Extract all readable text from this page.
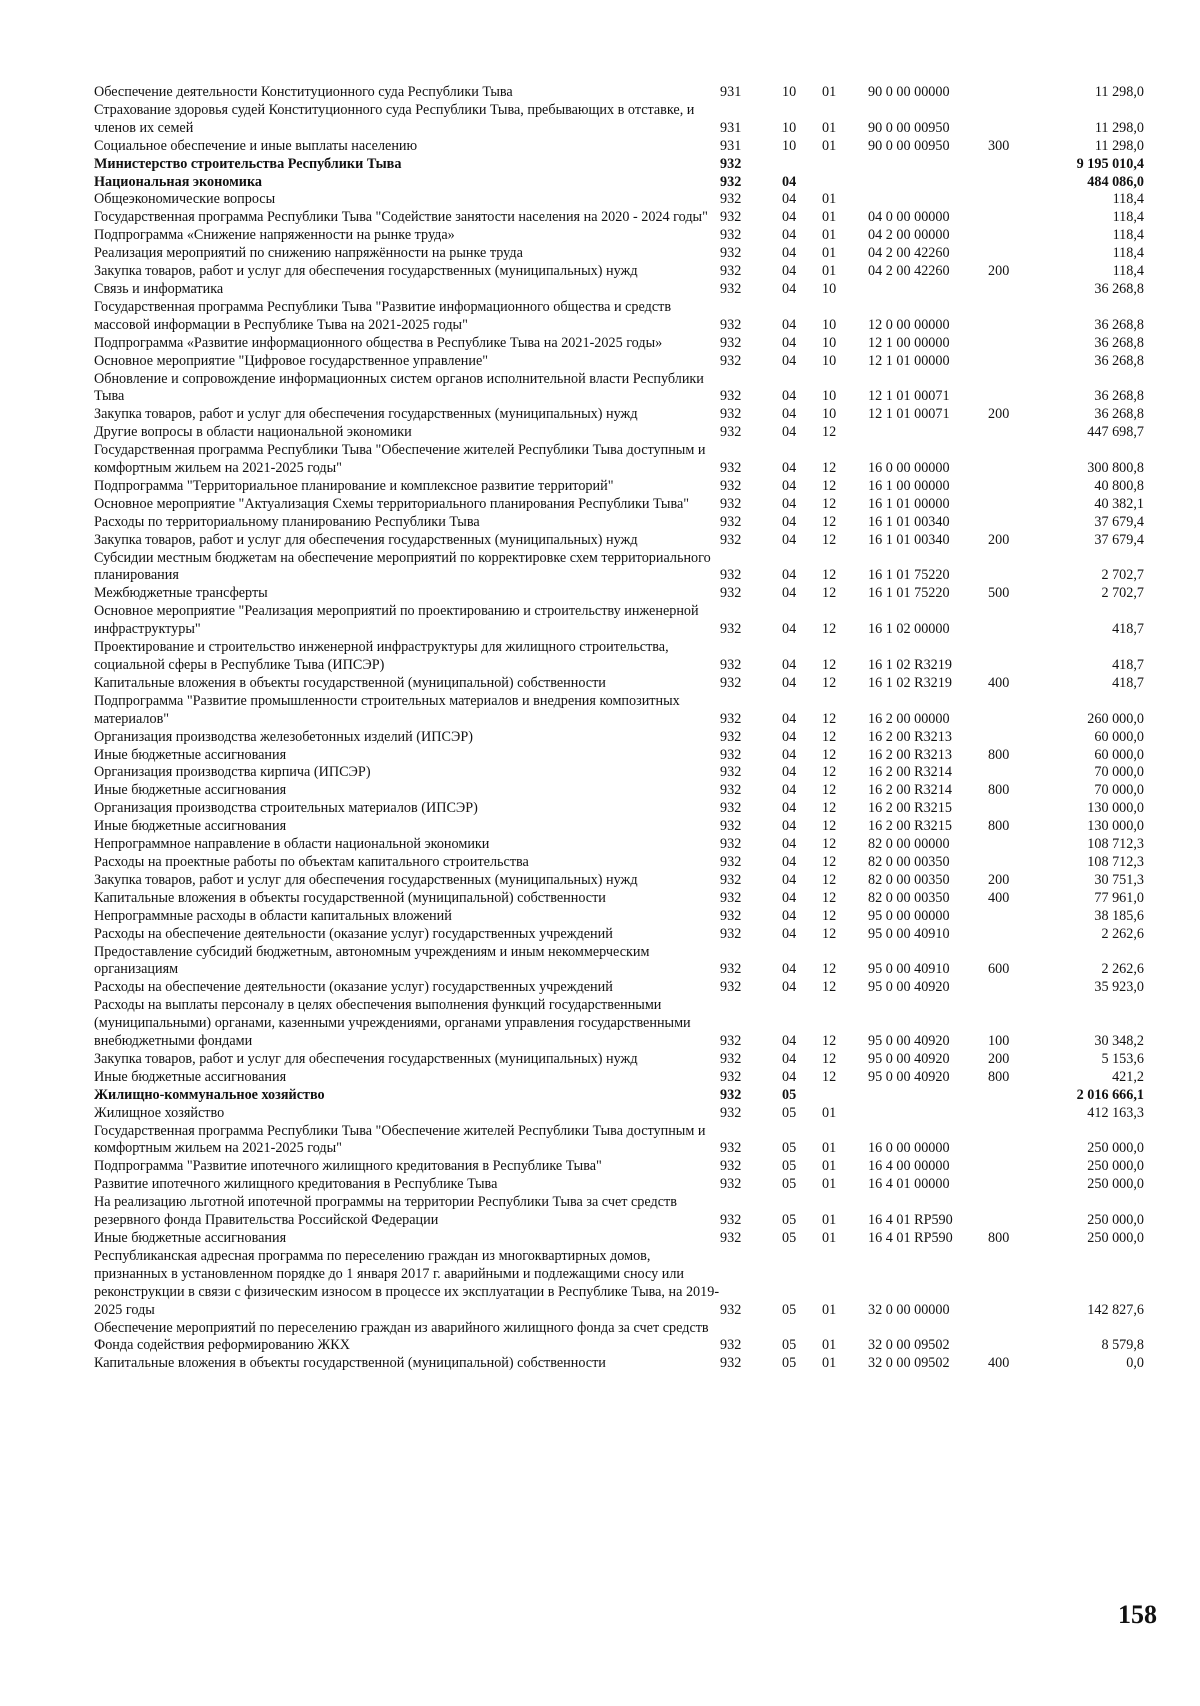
Обеспечение деятельности Конституционного суда Республики Тыва	931	10	01	90 0 00 00000		11 298,0
Страхование здоровья судей Конституционного суда Республики Тыва, пребывающих в отставке, и членов их семей	931	10	01	90 0 00 00950		11 298,0
Социальное обеспечение и иные выплаты населению	931	10	01	90 0 00 00950	300	11 298,0
Министерство строительства Республики Тыва	932					9 195 010,4
Национальная экономика	932	04				484 086,0
Общеэкономические вопросы	932	04	01			118,4
Государственная программа Республики Тыва "Содействие занятости населения на 2020 - 2024 годы"	932	04	01	04 0 00 00000		118,4
Подпрограмма «Снижение напряженности на рынке труда»	932	04	01	04 2 00 00000		118,4
Реализация мероприятий по снижению напряжённости на рынке труда	932	04	01	04 2 00 42260		118,4
Закупка товаров, работ и услуг для обеспечения государственных (муниципальных) нужд	932	04	01	04 2 00 42260	200	118,4
Связь и информатика	932	04	10			36 268,8
Государственная программа Республики Тыва "Развитие информационного общества и средств массовой информации в Республике Тыва на 2021-2025 годы"	932	04	10	12 0 00 00000		36 268,8
Подпрограмма «Развитие информационного общества в Республике Тыва на 2021-2025 годы»	932	04	10	12 1 00 00000		36 268,8
Основное мероприятие "Цифровое государственное управление"	932	04	10	12 1 01 00000		36 268,8
Обновление и сопровождение информационных систем органов исполнительной власти Республики Тыва	932	04	10	12 1 01 00071		36 268,8
Закупка товаров, работ и услуг для обеспечения государственных (муниципальных) нужд	932	04	10	12 1 01 00071	200	36 268,8
Другие вопросы в области национальной экономики	932	04	12			447 698,7
Государственная программа Республики Тыва "Обеспечение жителей Республики Тыва доступным и комфортным жильем на 2021-2025 годы"	932	04	12	16 0 00 00000		300 800,8
Подпрограмма "Территориальное планирование и комплексное развитие территорий"	932	04	12	16 1 00 00000		40 800,8
Основное мероприятие "Актуализация Схемы территориального планирования Республики Тыва"	932	04	12	16 1 01 00000		40 382,1
Расходы по территориальному планированию Республики Тыва	932	04	12	16 1 01 00340		37 679,4
Закупка товаров, работ и услуг для обеспечения государственных (муниципальных) нужд	932	04	12	16 1 01 00340	200	37 679,4
Субсидии местным бюджетам на обеспечение мероприятий по корректировке схем территориального планирования	932	04	12	16 1 01 75220		2 702,7
Межбюджетные трансферты	932	04	12	16 1 01 75220	500	2 702,7
Основное мероприятие "Реализация мероприятий по проектированию и строительству инженерной инфраструктуры"	932	04	12	16 1 02 00000		418,7
Проектирование и строительство инженерной инфраструктуры для жилищного строительства, социальной сферы в Республике Тыва (ИПСЭР)	932	04	12	16 1 02 R3219		418,7
Капитальные вложения в объекты государственной (муниципальной) собственности	932	04	12	16 1 02 R3219	400	418,7
Подпрограмма "Развитие промышленности строительных материалов и внедрения композитных материалов"	932	04	12	16 2 00 00000		260 000,0
Организация производства железобетонных изделий (ИПСЭР)	932	04	12	16 2 00 R3213		60 000,0
Иные бюджетные ассигнования	932	04	12	16 2 00 R3213	800	60 000,0
Организация производства кирпича (ИПСЭР)	932	04	12	16 2 00 R3214		70 000,0
Иные бюджетные ассигнования	932	04	12	16 2 00 R3214	800	70 000,0
Организация производства строительных материалов (ИПСЭР)	932	04	12	16 2 00 R3215		130 000,0
Иные бюджетные ассигнования	932	04	12	16 2 00 R3215	800	130 000,0
Непрограммное направление в области национальной экономики	932	04	12	82 0 00 00000		108 712,3
Расходы на проектные работы по объектам капитального строительства	932	04	12	82 0 00 00350		108 712,3
Закупка товаров, работ и услуг для обеспечения государственных (муниципальных) нужд	932	04	12	82 0 00 00350	200	30 751,3
Капитальные вложения в объекты государственной (муниципальной) собственности	932	04	12	82 0 00 00350	400	77 961,0
Непрограммные расходы в области капитальных вложений	932	04	12	95 0 00 00000		38 185,6
Расходы на обеспечение деятельности (оказание услуг) государственных учреждений	932	04	12	95 0 00 40910		2 262,6
Предоставление субсидий бюджетным, автономным учреждениям и иным некоммерческим организациям	932	04	12	95 0 00 40910	600	2 262,6
Расходы на обеспечение деятельности (оказание услуг) государственных учреждений	932	04	12	95 0 00 40920		35 923,0
Расходы на выплаты персоналу в целях обеспечения выполнения функций государственными (муниципальными) органами, казенными учреждениями, органами управления государственными внебюджетными фондами	932	04	12	95 0 00 40920	100	30 348,2
Закупка товаров, работ и услуг для обеспечения государственных (муниципальных) нужд	932	04	12	95 0 00 40920	200	5 153,6
Иные бюджетные ассигнования	932	04	12	95 0 00 40920	800	421,2
Жилищно-коммунальное хозяйство	932	05				2 016 666,1
Жилищное хозяйство	932	05	01			412 163,3
Государственная программа Республики Тыва "Обеспечение жителей Республики Тыва доступным и комфортным жильем на 2021-2025 годы"	932	05	01	16 0 00 00000		250 000,0
Подпрограмма "Развитие ипотечного жилищного кредитования в Республике Тыва"	932	05	01	16 4 00 00000		250 000,0
Развитие ипотечного жилищного кредитования в Республике Тыва	932	05	01	16 4 01 00000		250 000,0
На реализацию льготной ипотечной программы на территории Республики Тыва за счет средств резервного фонда Правительства Российской Федерации	932	05	01	16 4 01 RP590		250 000,0
Иные бюджетные ассигнования	932	05	01	16 4 01 RP590	800	250 000,0
Республиканская адресная программа по переселению граждан из многоквартирных домов, признанных в установленном порядке до 1 января 2017 г. аварийными и подлежащими сносу или реконструкции в связи с физическим износом в процессе их эксплуатации в Республике Тыва, на 2019-2025 годы	932	05	01	32 0 00 00000		142 827,6
Обеспечение мероприятий по переселению граждан из аварийного жилищного фонда за счет средств Фонда содействия реформированию ЖКХ	932	05	01	32 0 00 09502		8 579,8
Капитальные вложения в объекты государственной (муниципальной) собственности	932	05	01	32 0 00 09502	400	0,0
158
